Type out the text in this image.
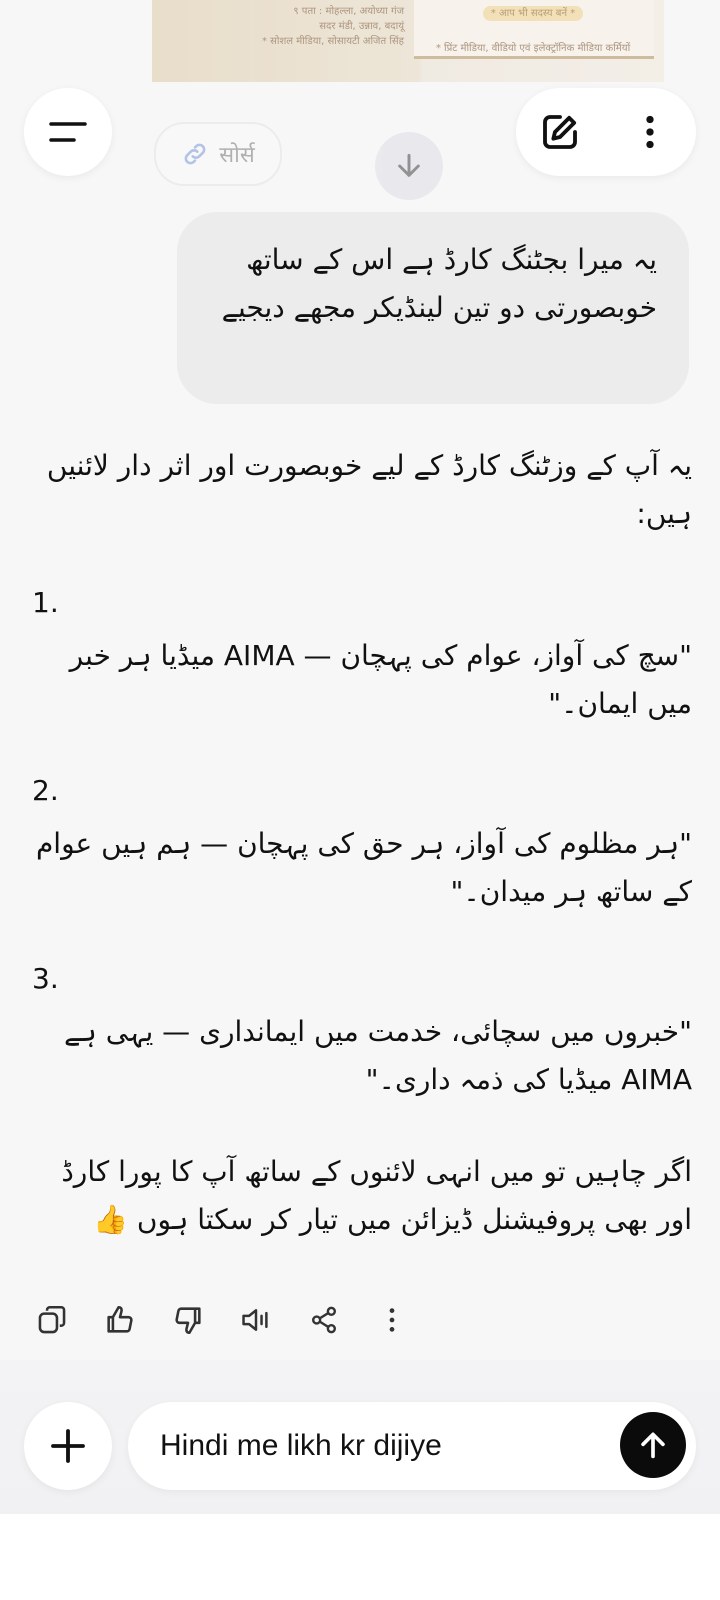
९ पता : मोहल्ला, अयोध्या गंज
सदर मंडी, उन्नाव, बदायूं
* सोशल मीडिया, सोसायटी अजित सिंह
* आप भी सदस्य बनें *
* प्रिंट मीडिया, वीडियो एवं इलेक्ट्रॉनिक मीडिया कर्मियों
सोर्स

یہ میرا بجٹنگ کارڈ ہے اس کے ساتھ خوبصورتی دو تین لینڈیکر مجھے دیجیے

یہ آپ کے وزٹنگ کارڈ کے لیے خوبصورت اور اثر دار لائنیں ہیں:

1.

"سچ کی آواز، عوام کی پہچان — AIMA میڈیا ہر خبر میں ایمان۔"

2.

"ہر مظلوم کی آواز، ہر حق کی پہچان — ہم ہیں عوام کے ساتھ ہر میدان۔"

3.

"خبروں میں سچائی، خدمت میں ایمانداری — یہی ہے AIMA میڈیا کی ذمہ داری۔"

اگر چاہیں تو میں انہی لائنوں کے ساتھ آپ کا پورا کارڈ اور بھی پروفیشنل ڈیزائن میں تیار کر سکتا ہوں 👍

Hindi me likh kr dijiye
